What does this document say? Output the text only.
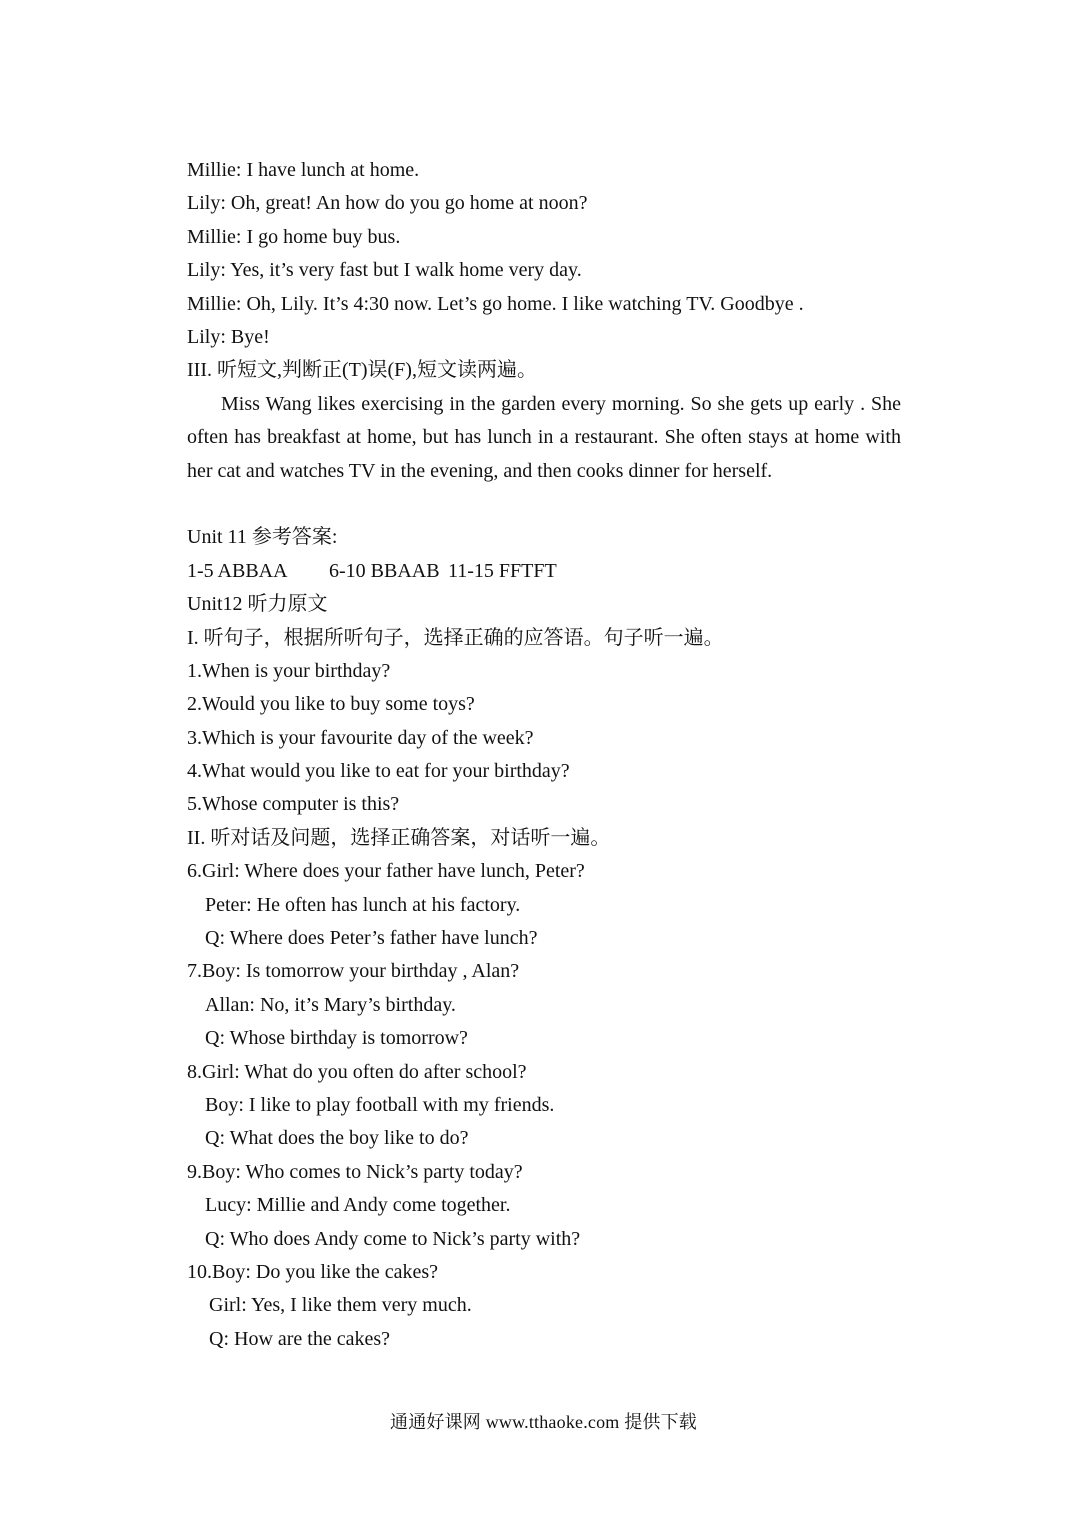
Millie: I have lunch at home.
Lily: Oh, great! An how do you go home at noon?
Millie: I go home buy bus.
Lily: Yes, it’s very fast but I walk home very day.
Millie: Oh, Lily. It’s 4:30 now. Let’s go home. I like watching TV. Goodbye .
Lily: Bye!
III. 听短文,判断正(T)误(F),短文读两遍。

Miss Wang likes exercising in the garden every morning. So she gets up early . She often has breakfast at home, but has lunch in a restaurant. She often stays at home with her cat and watches TV in the evening, and then cooks dinner for herself.

Unit 11 参考答案:
1-5 ABBAA 6-10 BBAAB 11-15 FFTFT
Unit12 听力原文
I. 听句子，根据所听句子，选择正确的应答语。句子听一遍。
1.When is your birthday?
2.Would you like to buy some toys?
3.Which is your favourite day of the week?
4.What would you like to eat for your birthday?
5.Whose computer is this?
II. 听对话及问题，选择正确答案，对话听一遍。
6.Girl: Where does your father have lunch, Peter?
Peter: He often has lunch at his factory.
Q: Where does Peter’s father have lunch?
7.Boy: Is tomorrow your birthday , Alan?
Allan: No, it’s Mary’s birthday.
Q: Whose birthday is tomorrow?
8.Girl: What do you often do after school?
Boy: I like to play football with my friends.
Q: What does the boy like to do?
9.Boy: Who comes to Nick’s party today?
Lucy: Millie and Andy come together.
Q: Who does Andy come to Nick’s party with?
10.Boy: Do you like the cakes?
Girl: Yes, I like them very much.
Q: How are the cakes?
通通好课网 www.tthaoke.com 提供下载
